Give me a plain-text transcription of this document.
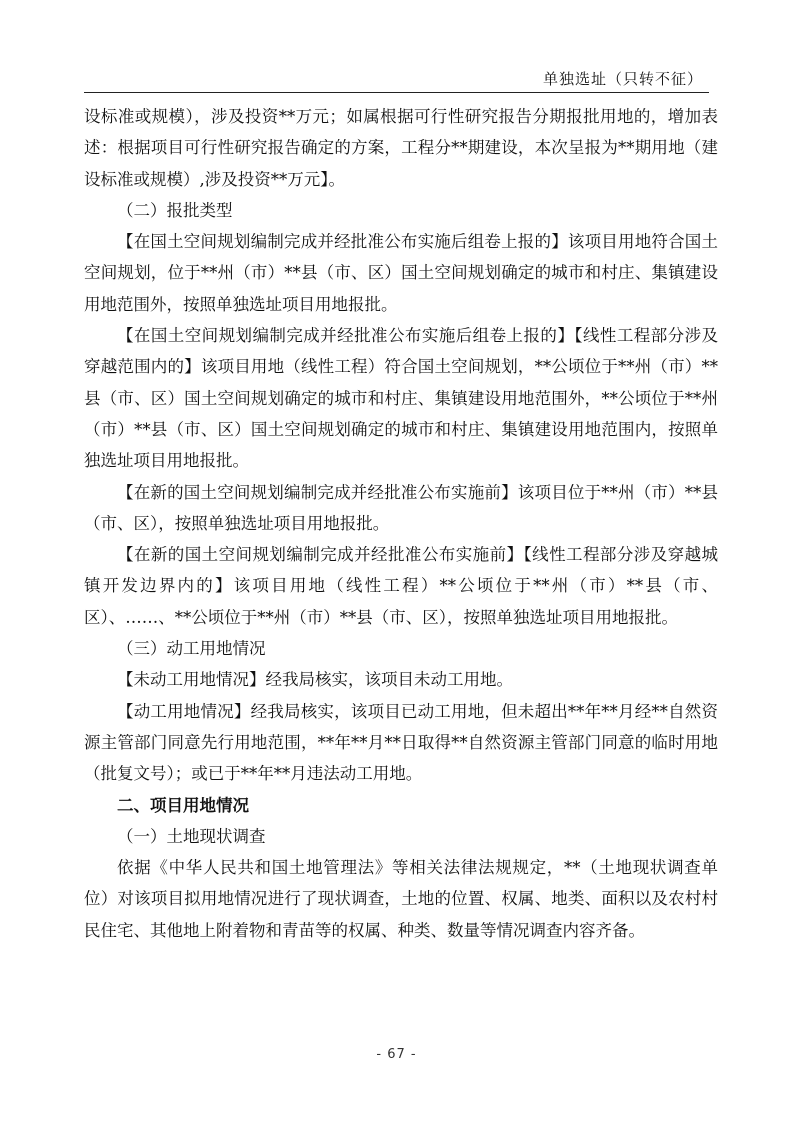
单独选址（只转不征）

设标准或规模），涉及投资**万元；如属根据可行性研究报告分期报批用地的，增加表述：根据项目可行性研究报告确定的方案，工程分**期建设，本次呈报为**期用地（建设标准或规模）,涉及投资**万元】。

（二）报批类型

【在国土空间规划编制完成并经批准公布实施后组卷上报的】该项目用地符合国土空间规划，位于**州（市）**县（市、区）国土空间规划确定的城市和村庄、集镇建设用地范围外，按照单独选址项目用地报批。

【在国土空间规划编制完成并经批准公布实施后组卷上报的】【线性工程部分涉及穿越范围内的】该项目用地（线性工程）符合国土空间规划，**公顷位于**州（市）**县（市、区）国土空间规划确定的城市和村庄、集镇建设用地范围外，**公顷位于**州（市）**县（市、区）国土空间规划确定的城市和村庄、集镇建设用地范围内，按照单独选址项目用地报批。

【在新的国土空间规划编制完成并经批准公布实施前】该项目位于**州（市）**县（市、区），按照单独选址项目用地报批。

【在新的国土空间规划编制完成并经批准公布实施前】【线性工程部分涉及穿越城镇开发边界内的】该项目用地（线性工程）**公顷位于**州（市）**县（市、区）、……、**公顷位于**州（市）**县（市、区），按照单独选址项目用地报批。

（三）动工用地情况

【未动工用地情况】经我局核实，该项目未动工用地。

【动工用地情况】经我局核实，该项目已动工用地，但未超出**年**月经**自然资源主管部门同意先行用地范围，**年**月**日取得**自然资源主管部门同意的临时用地（批复文号）；或已于**年**月违法动工用地。

二、项目用地情况

（一）土地现状调查

依据《中华人民共和国土地管理法》等相关法律法规规定，**（土地现状调查单位）对该项目拟用地情况进行了现状调查，土地的位置、权属、地类、面积以及农村村民住宅、其他地上附着物和青苗等的权属、种类、数量等情况调查内容齐备。

- 67 -
